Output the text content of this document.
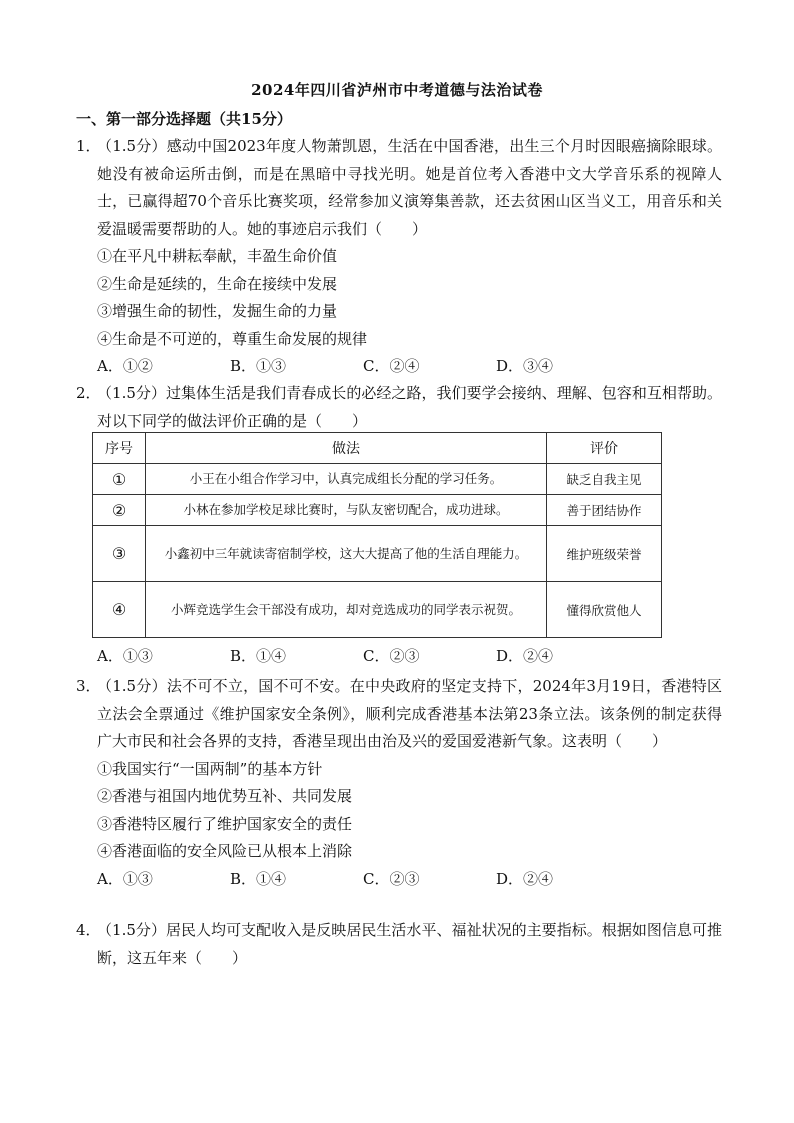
2024年四川省泸州市中考道德与法治试卷
一、第一部分选择题（共15分）
1．
（1.5分）感动中国2023年度人物萧凯恩，生活在中国香港，出生三个月时因眼癌摘除眼球。她没有被命运所击倒，而是在黑暗中寻找光明。她是首位考入香港中文大学音乐系的视障人士，已赢得超70个音乐比赛奖项，经常参加义演筹集善款，还去贫困山区当义工，用音乐和关爱温暖需要帮助的人。她的事迹启示我们（　　）
①在平凡中耕耘奉献，丰盈生命价值
②生命是延续的，生命在接续中发展
③增强生命的韧性，发掘生命的力量
④生命是不可逆的，尊重生命发展的规律
A．①②	B．①③	C．②④	D．③④
2．
（1.5分）过集体生活是我们青春成长的必经之路，我们要学会接纳、理解、包容和互相帮助。对以下同学的做法评价正确的是（　　）
序号	做法	评价
①	小王在小组合作学习中，认真完成组长分配的学习任务。	缺乏自我主见
②	小林在参加学校足球比赛时，与队友密切配合，成功进球。	善于团结协作
③	小鑫初中三年就读寄宿制学校，这大大提高了他的生活自理能力。	维护班级荣誉
④	小辉竞选学生会干部没有成功，却对竞选成功的同学表示祝贺。	懂得欣赏他人
A．①③	B．①④	C．②③	D．②④
3．
（1.5分）法不可不立，国不可不安。在中央政府的坚定支持下，2024年3月19日，香港特区立法会全票通过《维护国家安全条例》，顺利完成香港基本法第23条立法。该条例的制定获得广大市民和社会各界的支持，香港呈现出由治及兴的爱国爱港新气象。这表明（　　）
①我国实行“一国两制”的基本方针
②香港与祖国内地优势互补、共同发展
③香港特区履行了维护国家安全的责任
④香港面临的安全风险已从根本上消除
A．①③	B．①④	C．②③	D．②④
4．
（1.5分）居民人均可支配收入是反映居民生活水平、福祉状况的主要指标。根据如图信息可推断，这五年来（　　）
